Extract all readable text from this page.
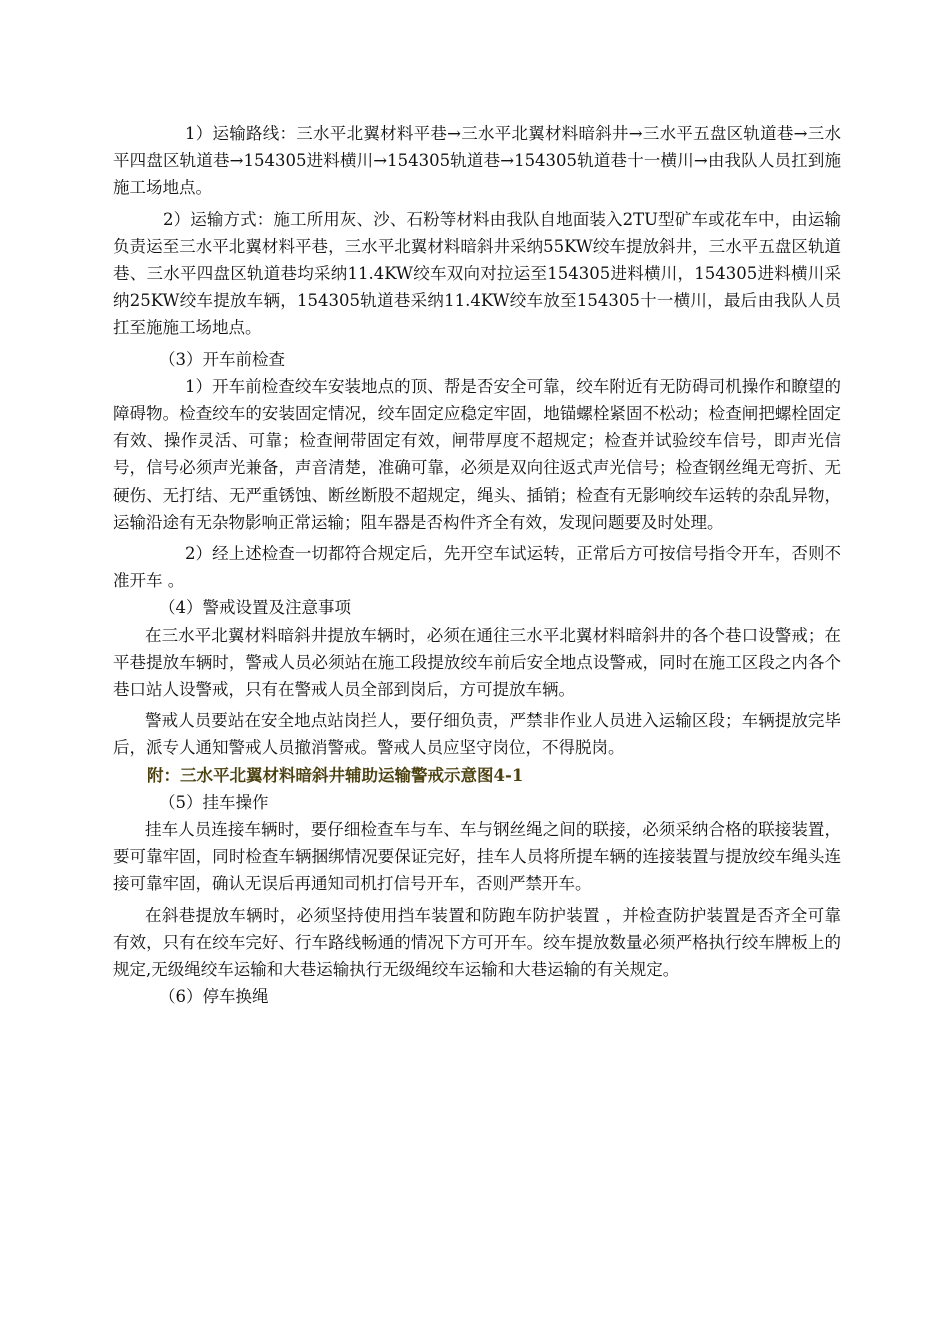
1）运输路线：三水平北翼材料平巷→三水平北翼材料暗斜井→三水平五盘区轨道巷→三水平四盘区轨道巷→154305进料横川→154305轨道巷→154305轨道巷十一横川→由我队人员扛到施施工场地点。

2）运输方式：施工所用灰、沙、石粉等材料由我队自地面装入2TU型矿车或花车中，由运输负责运至三水平北翼材料平巷，三水平北翼材料暗斜井采纳55KW绞车提放斜井，三水平五盘区轨道巷、三水平四盘区轨道巷均采纳11.4KW绞车双向对拉运至154305进料横川，154305进料横川采纳25KW绞车提放车辆，154305轨道巷采纳11.4KW绞车放至154305十一横川，最后由我队人员扛至施施工场地点。

（3）开车前检查

1）开车前检查绞车安装地点的顶、帮是否安全可靠，绞车附近有无防碍司机操作和瞭望的障碍物。检查绞车的安装固定情况，绞车固定应稳定牢固，地锚螺栓紧固不松动；检查闸把螺栓固定有效、操作灵活、可靠；检查闸带固定有效，闸带厚度不超规定；检查并试验绞车信号，即声光信号，信号必须声光兼备，声音清楚，准确可靠，必须是双向往返式声光信号；检查钢丝绳无弯折、无硬伤、无打结、无严重锈蚀、断丝断股不超规定，绳头、插销；检查有无影响绞车运转的杂乱异物，运输沿途有无杂物影响正常运输；阻车器是否构件齐全有效，发现问题要及时处理。

2）经上述检查一切都符合规定后，先开空车试运转，正常后方可按信号指令开车，否则不准开车 。

（4）警戒设置及注意事项

在三水平北翼材料暗斜井提放车辆时，必须在通往三水平北翼材料暗斜井的各个巷口设警戒；在平巷提放车辆时，警戒人员必须站在施工段提放绞车前后安全地点设警戒，同时在施工区段之内各个巷口站人设警戒，只有在警戒人员全部到岗后，方可提放车辆。

警戒人员要站在安全地点站岗拦人，要仔细负责，严禁非作业人员进入运输区段；车辆提放完毕后，派专人通知警戒人员撤消警戒。警戒人员应坚守岗位，不得脱岗。

附：三水平北翼材料暗斜井辅助运输警戒示意图4-1

（5）挂车操作

挂车人员连接车辆时，要仔细检查车与车、车与钢丝绳之间的联接，必须采纳合格的联接装置，要可靠牢固，同时检查车辆捆绑情况要保证完好，挂车人员将所提车辆的连接装置与提放绞车绳头连接可靠牢固，确认无误后再通知司机打信号开车，否则严禁开车。

在斜巷提放车辆时，必须坚持使用挡车装置和防跑车防护装置 ，并检查防护装置是否齐全可靠有效，只有在绞车完好、行车路线畅通的情况下方可开车。绞车提放数量必须严格执行绞车牌板上的规定,无级绳绞车运输和大巷运输执行无级绳绞车运输和大巷运输的有关规定。

（6）停车换绳
